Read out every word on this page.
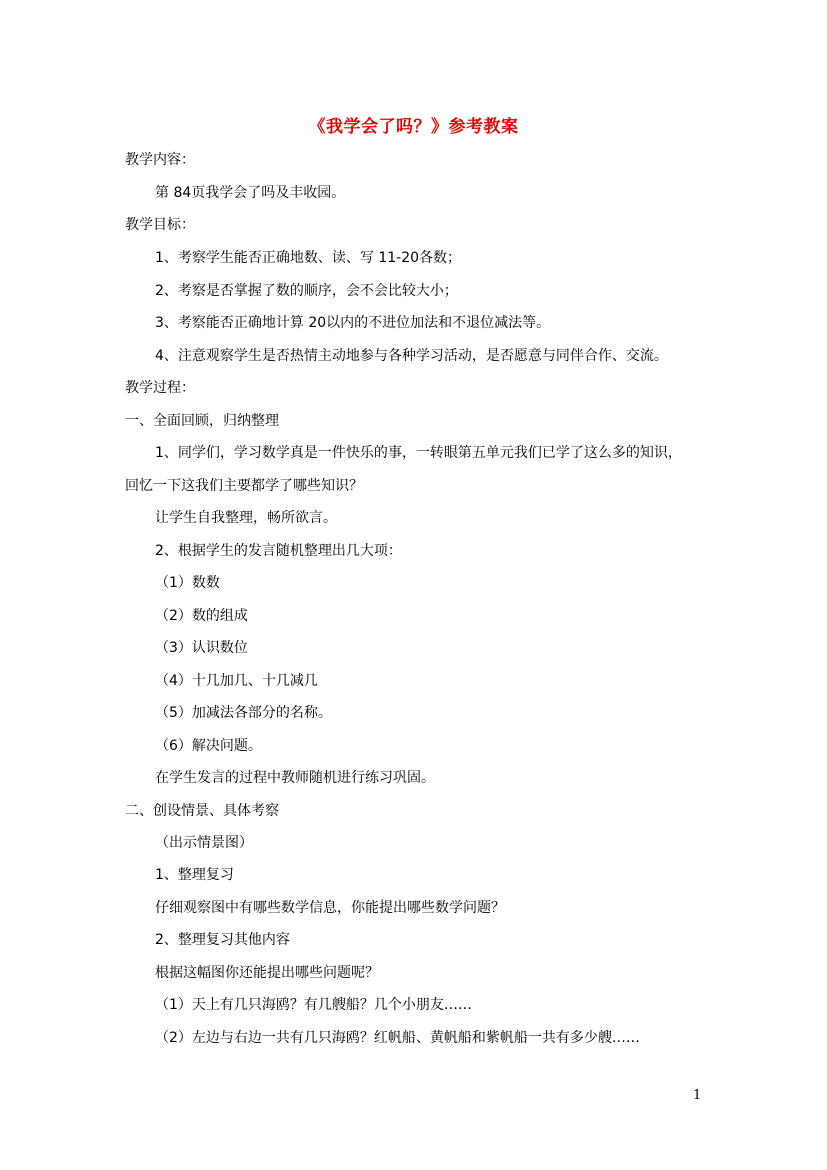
《我学会了吗？》参考教案
教学内容：
第 84页我学会了吗及丰收园。
教学目标：
1、考察学生能否正确地数、读、写 11-20各数；
2、考察是否掌握了数的顺序，会不会比较大小；
3、考察能否正确地计算 20以内的不进位加法和不退位减法等。
4、注意观察学生是否热情主动地参与各种学习活动，是否愿意与同伴合作、交流。
教学过程：
一、全面回顾，归纳整理
1、同学们，学习数学真是一件快乐的事，一转眼第五单元我们已学了这么多的知识，
回忆一下这我们主要都学了哪些知识？
让学生自我整理，畅所欲言。
2、根据学生的发言随机整理出几大项：
（1）数数
（2）数的组成
（3）认识数位
（4）十几加几、十几减几
（5）加减法各部分的名称。
（6）解决问题。
在学生发言的过程中教师随机进行练习巩固。
二、创设情景、具体考察
（出示情景图）
1、整理复习
仔细观察图中有哪些数学信息，你能提出哪些数学问题？
2、整理复习其他内容
根据这幅图你还能提出哪些问题呢？
（1）天上有几只海鸥？有几艘船？几个小朋友……
（2）左边与右边一共有几只海鸥？红帆船、黄帆船和紫帆船一共有多少艘……
1
